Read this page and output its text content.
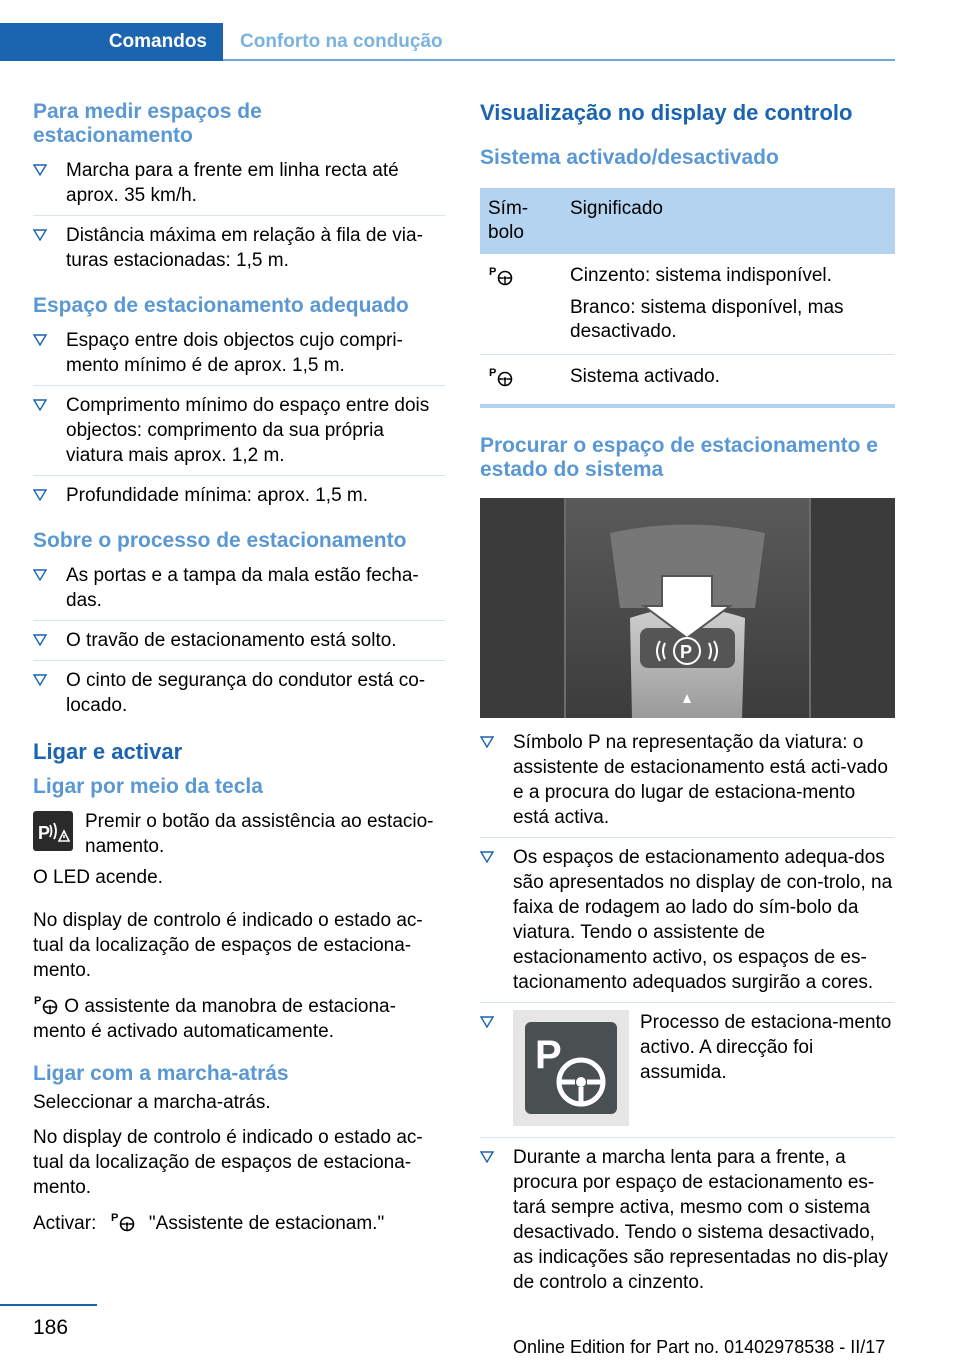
Comandos	Conforto na condução
Para medir espaços de estacionamento
Marcha para a frente em linha recta até aprox. 35 km/h.
Distância máxima em relação à fila de via-turas estacionadas: 1,5 m.
Espaço de estacionamento adequado
Espaço entre dois objectos cujo compri-mento mínimo é de aprox. 1,5 m.
Comprimento mínimo do espaço entre dois objectos: comprimento da sua própria viatura mais aprox. 1,2 m.
Profundidade mínima: aprox. 1,5 m.
Sobre o processo de estacionamento
As portas e a tampa da mala estão fecha-das.
O travão de estacionamento está solto.
O cinto de segurança do condutor está co-locado.
Ligar e activar
Ligar por meio da tecla
P

Premir o botão da assistência ao estacio-namento.

O LED acende.

No display de controlo é indicado o estado ac-tual da localização de espaços de estaciona-mento.

P O assistente da manobra de estaciona-mento é activado automaticamente.

Ligar com a marcha-atrás

Seleccionar a marcha-atrás.

No display de controlo é indicado o estado ac-tual da localização de espaços de estaciona-mento.

Activar: P "Assistente de estacionam."

Visualização no display de controlo
Sistema activado/desactivado
Sím-bolo	Significado

P	Cinzento: sistema indisponível.

Branco: sistema disponível, mas desactivado.

P	Sistema activado.
Procurar o espaço de estacionamento e estado do sistema
P
Símbolo P na representação da viatura: o assistente de estacionamento está acti-vado e a procura do lugar de estaciona-mento está activa.
Os espaços de estacionamento adequa-dos são apresentados no display de con-trolo, na faixa de rodagem ao lado do sím-bolo da viatura. Tendo o assistente de estacionamento activo, os espaços de es-tacionamento adequados surgirão a cores.
P
Processo de estaciona-mento activo. A direcção foi assumida.
Durante a marcha lenta para a frente, a procura por espaço de estacionamento es-tará sempre activa, mesmo com o sistema desactivado. Tendo o sistema desactivado, as indicações são representadas no dis-play de controlo a cinzento.
186
Online Edition for Part no. 01402978538 - II/17
